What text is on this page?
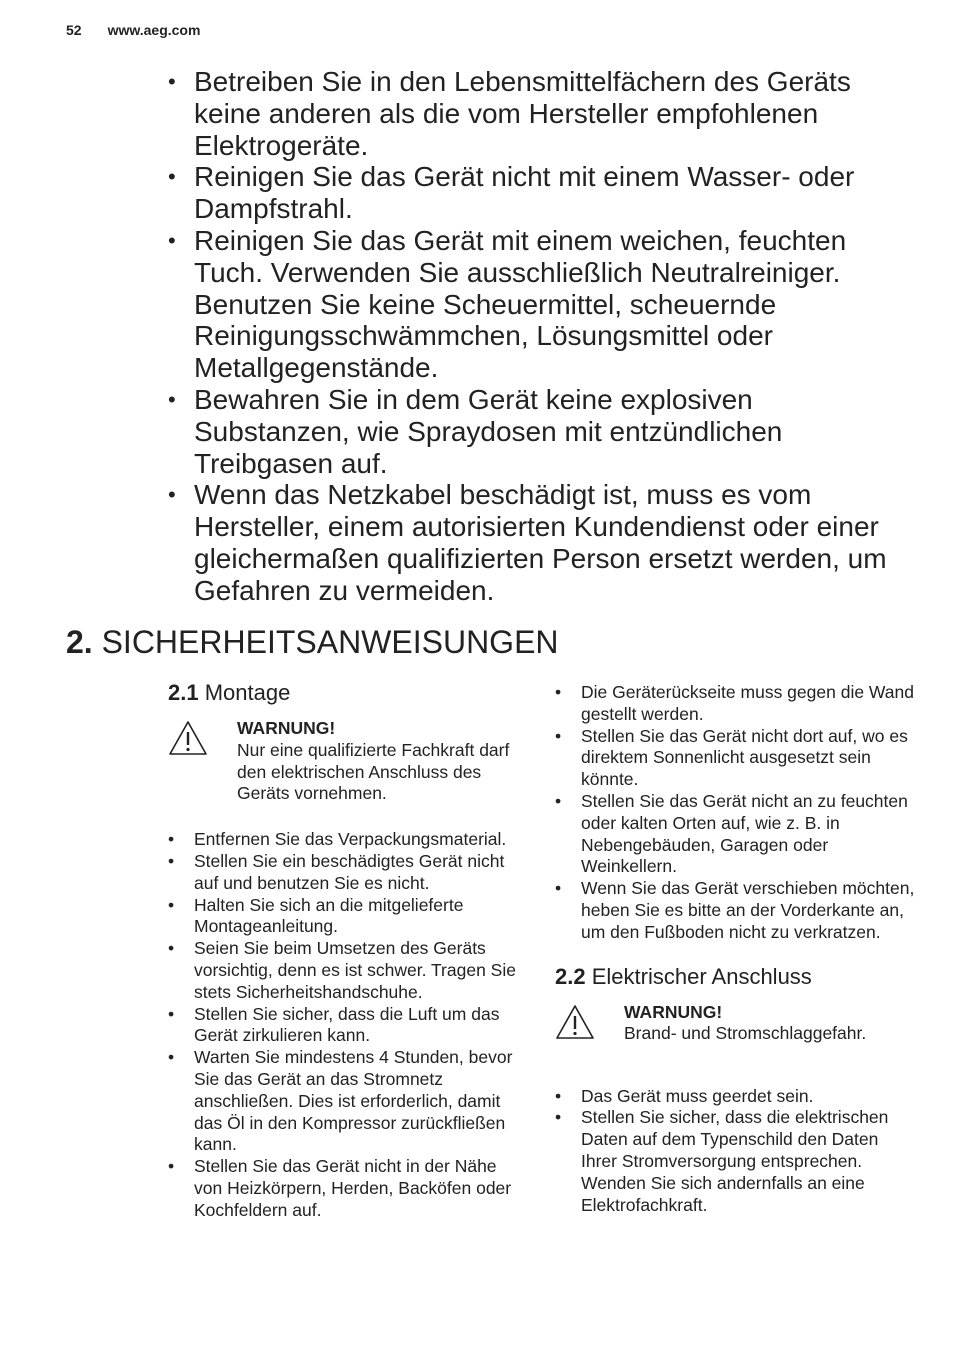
52 www.aeg.com
• Betreiben Sie in den Lebensmittelfächern des Geräts keine anderen als die vom Hersteller empfohlenen Elektrogeräte.
• Reinigen Sie das Gerät nicht mit einem Wasser- oder Dampfstrahl.
• Reinigen Sie das Gerät mit einem weichen, feuchten Tuch. Verwenden Sie ausschließlich Neutralreiniger. Benutzen Sie keine Scheuermittel, scheuernde Reinigungsschwämmchen, Lösungsmittel oder Metallgegenstände.
• Bewahren Sie in dem Gerät keine explosiven Substanzen, wie Spraydosen mit entzündlichen Treibgasen auf.
• Wenn das Netzkabel beschädigt ist, muss es vom Hersteller, einem autorisierten Kundendienst oder einer gleichermaßen qualifizierten Person ersetzt werden, um Gefahren zu vermeiden.
2. SICHERHEITSANWEISUNGEN
2.1 Montage
WARNUNG!
Nur eine qualifizierte Fachkraft darf den elektrischen Anschluss des Geräts vornehmen.
• Entfernen Sie das Verpackungsmaterial.
• Stellen Sie ein beschädigtes Gerät nicht auf und benutzen Sie es nicht.
• Halten Sie sich an die mitgelieferte Montageanleitung.
• Seien Sie beim Umsetzen des Geräts vorsichtig, denn es ist schwer. Tragen Sie stets Sicherheitshandschuhe.
• Stellen Sie sicher, dass die Luft um das Gerät zirkulieren kann.
• Warten Sie mindestens 4 Stunden, bevor Sie das Gerät an das Stromnetz anschließen. Dies ist erforderlich, damit das Öl in den Kompressor zurückfließen kann.
• Stellen Sie das Gerät nicht in der Nähe von Heizkörpern, Herden, Backöfen oder Kochfeldern auf.
• Die Geräterückseite muss gegen die Wand gestellt werden.
• Stellen Sie das Gerät nicht dort auf, wo es direktem Sonnenlicht ausgesetzt sein könnte.
• Stellen Sie das Gerät nicht an zu feuchten oder kalten Orten auf, wie z. B. in Nebengebäuden, Garagen oder Weinkellern.
• Wenn Sie das Gerät verschieben möchten, heben Sie es bitte an der Vorderkante an, um den Fußboden nicht zu verkratzen.
2.2 Elektrischer Anschluss
WARNUNG!
Brand- und Stromschlaggefahr.
• Das Gerät muss geerdet sein.
• Stellen Sie sicher, dass die elektrischen Daten auf dem Typenschild den Daten Ihrer Stromversorgung entsprechen. Wenden Sie sich andernfalls an eine Elektrofachkraft.
